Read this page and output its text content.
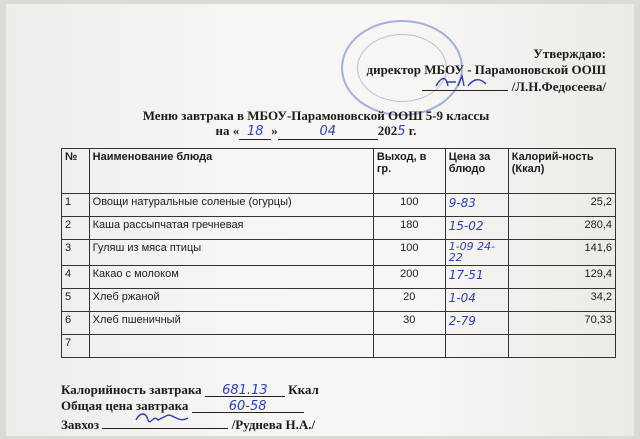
Утверждаю:
директор МБОУ - Парамоновской ООШ
/Л.Н.Федосеева/
Меню завтрака в МБОУ-Парамоновской ООШ 5-9 классы
на « 18 »	04	2025 г.
№	Наименование блюда	Выход, в гр.	Цена за блюдо	Калорий-ность (Ккал)
1	Овощи натуральные соленые (огурцы)	100	9-83	25,2
2	Каша рассыпчатая гречневая	180	15-02	280,4
3	Гуляш из мяса птицы	100	1-09 24-22	141,6
4	Какао с молоком	200	17-51	129,4
5	Хлеб ржаной	20	1-04	34,2
6	Хлеб пшеничный	30	2-79	70,33
7				
Калорийность завтрака 681.13 Ккал
Общая цена завтрака	60-58
Завхоз	/Руднева Н.А./
